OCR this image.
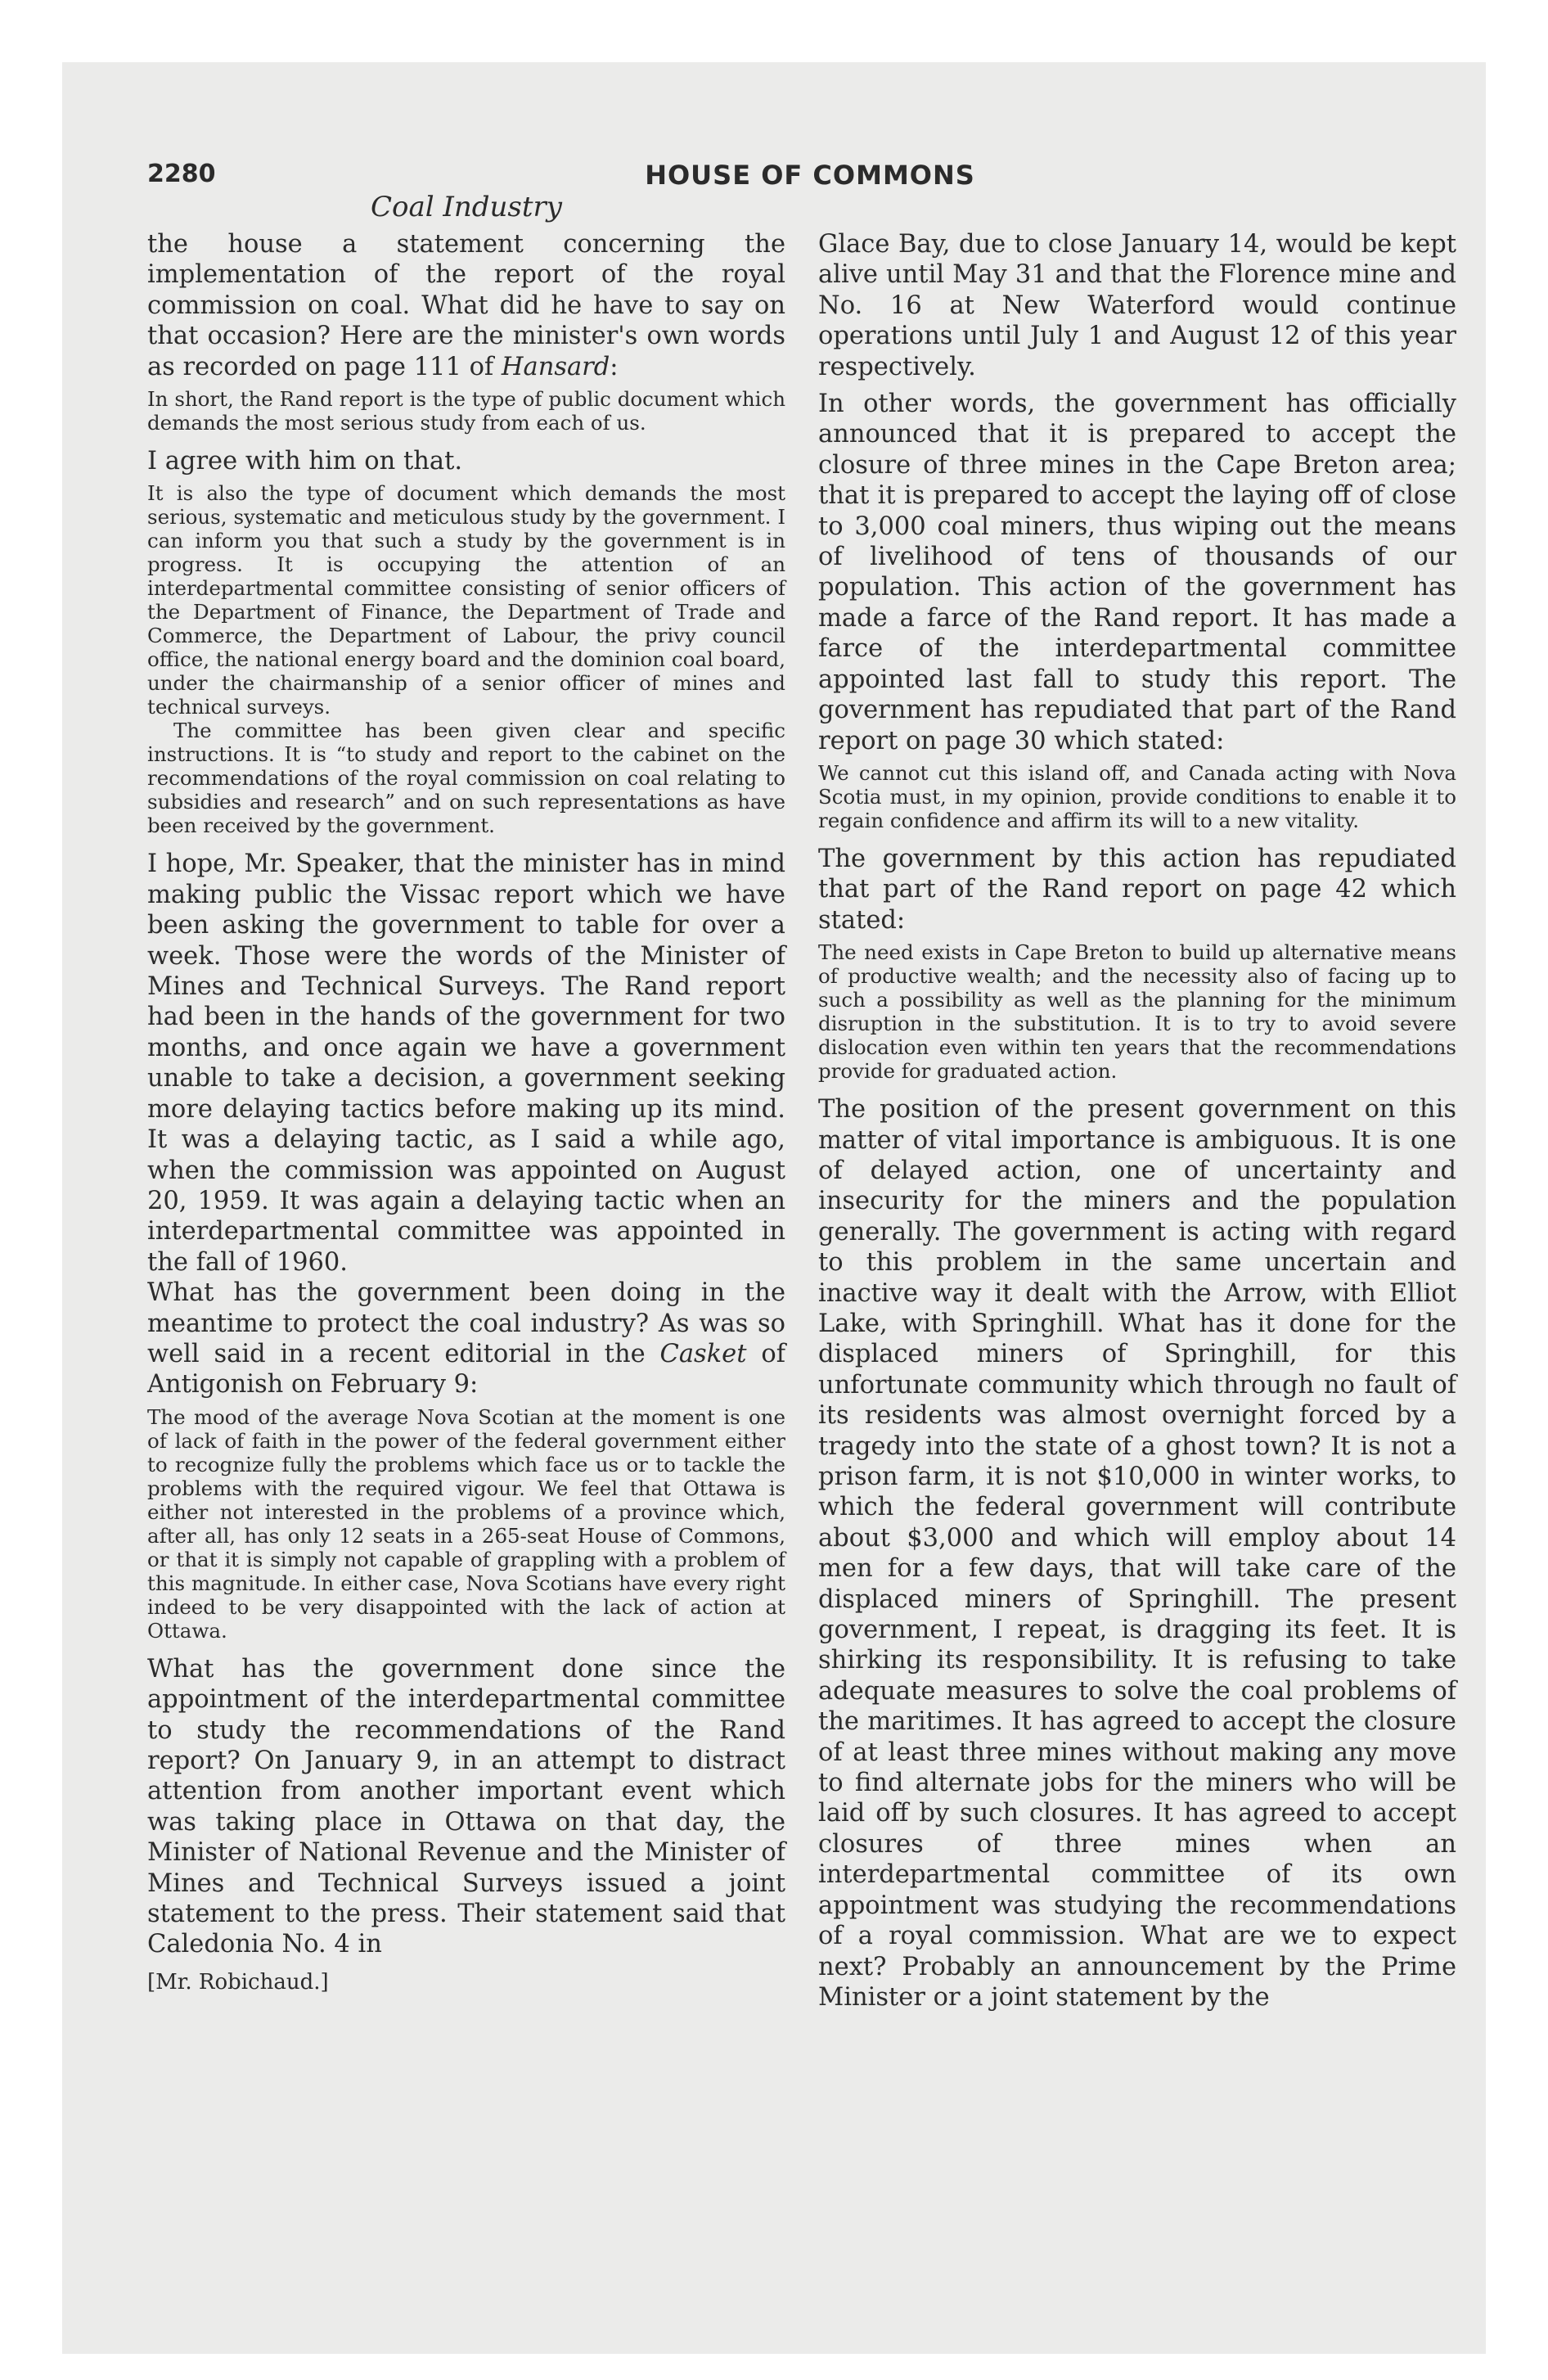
2280	HOUSE OF COMMONS
Coal Industry

the house a statement concerning the implementation of the report of the royal commission on coal. What did he have to say on that occasion? Here are the minister's own words as recorded on page 111 of Hansard:

In short, the Rand report is the type of public document which demands the most serious study from each of us.

I agree with him on that.

It is also the type of document which demands the most serious, systematic and meticulous study by the government. I can inform you that such a study by the government is in progress. It is occupying the attention of an interdepartmental committee consisting of senior officers of the Department of Finance, the Department of Trade and Commerce, the Department of Labour, the privy council office, the national energy board and the dominion coal board, under the chairmanship of a senior officer of mines and technical surveys.

The committee has been given clear and specific instructions. It is “to study and report to the cabinet on the recommendations of the royal commission on coal relating to subsidies and research” and on such representations as have been received by the government.

I hope, Mr. Speaker, that the minister has in mind making public the Vissac report which we have been asking the government to table for over a week. Those were the words of the Minister of Mines and Technical Surveys. The Rand report had been in the hands of the government for two months, and once again we have a government unable to take a decision, a government seeking more delaying tactics before making up its mind. It was a delaying tactic, as I said a while ago, when the commission was appointed on August 20, 1959. It was again a delaying tactic when an interdepartmental committee was appointed in the fall of 1960.

What has the government been doing in the meantime to protect the coal industry? As was so well said in a recent editorial in the Casket of Antigonish on February 9:

The mood of the average Nova Scotian at the moment is one of lack of faith in the power of the federal government either to recognize fully the problems which face us or to tackle the problems with the required vigour. We feel that Ottawa is either not interested in the problems of a province which, after all, has only 12 seats in a 265-seat House of Commons, or that it is simply not capable of grappling with a problem of this magnitude. In either case, Nova Scotians have every right indeed to be very disappointed with the lack of action at Ottawa.

What has the government done since the appointment of the interdepartmental committee to study the recommendations of the Rand report? On January 9, in an attempt to distract attention from another important event which was taking place in Ottawa on that day, the Minister of National Revenue and the Minister of Mines and Technical Surveys issued a joint statement to the press. Their statement said that Caledonia No. 4 in

[Mr. Robichaud.]

Glace Bay, due to close January 14, would be kept alive until May 31 and that the Florence mine and No. 16 at New Waterford would continue operations until July 1 and August 12 of this year respectively.

In other words, the government has officially announced that it is prepared to accept the closure of three mines in the Cape Breton area; that it is prepared to accept the laying off of close to 3,000 coal miners, thus wiping out the means of livelihood of tens of thousands of our population. This action of the government has made a farce of the Rand report. It has made a farce of the interdepartmental committee appointed last fall to study this report. The government has repudiated that part of the Rand report on page 30 which stated:

We cannot cut this island off, and Canada acting with Nova Scotia must, in my opinion, provide conditions to enable it to regain confidence and affirm its will to a new vitality.

The government by this action has repudiated that part of the Rand report on page 42 which stated:

The need exists in Cape Breton to build up alternative means of productive wealth; and the necessity also of facing up to such a possibility as well as the planning for the minimum disruption in the substitution. It is to try to avoid severe dislocation even within ten years that the recommendations provide for graduated action.

The position of the present government on this matter of vital importance is ambiguous. It is one of delayed action, one of uncertainty and insecurity for the miners and the population generally. The government is acting with regard to this problem in the same uncertain and inactive way it dealt with the Arrow, with Elliot Lake, with Springhill. What has it done for the displaced miners of Springhill, for this unfortunate community which through no fault of its residents was almost overnight forced by a tragedy into the state of a ghost town? It is not a prison farm, it is not $10,000 in winter works, to which the federal government will contribute about $3,000 and which will employ about 14 men for a few days, that will take care of the displaced miners of Springhill. The present government, I repeat, is dragging its feet. It is shirking its responsibility. It is refusing to take adequate measures to solve the coal problems of the maritimes. It has agreed to accept the closure of at least three mines without making any move to find alternate jobs for the miners who will be laid off by such closures. It has agreed to accept closures of three mines when an interdepartmental committee of its own appointment was studying the recommendations of a royal commission. What are we to expect next? Probably an announcement by the Prime Minister or a joint statement by the
